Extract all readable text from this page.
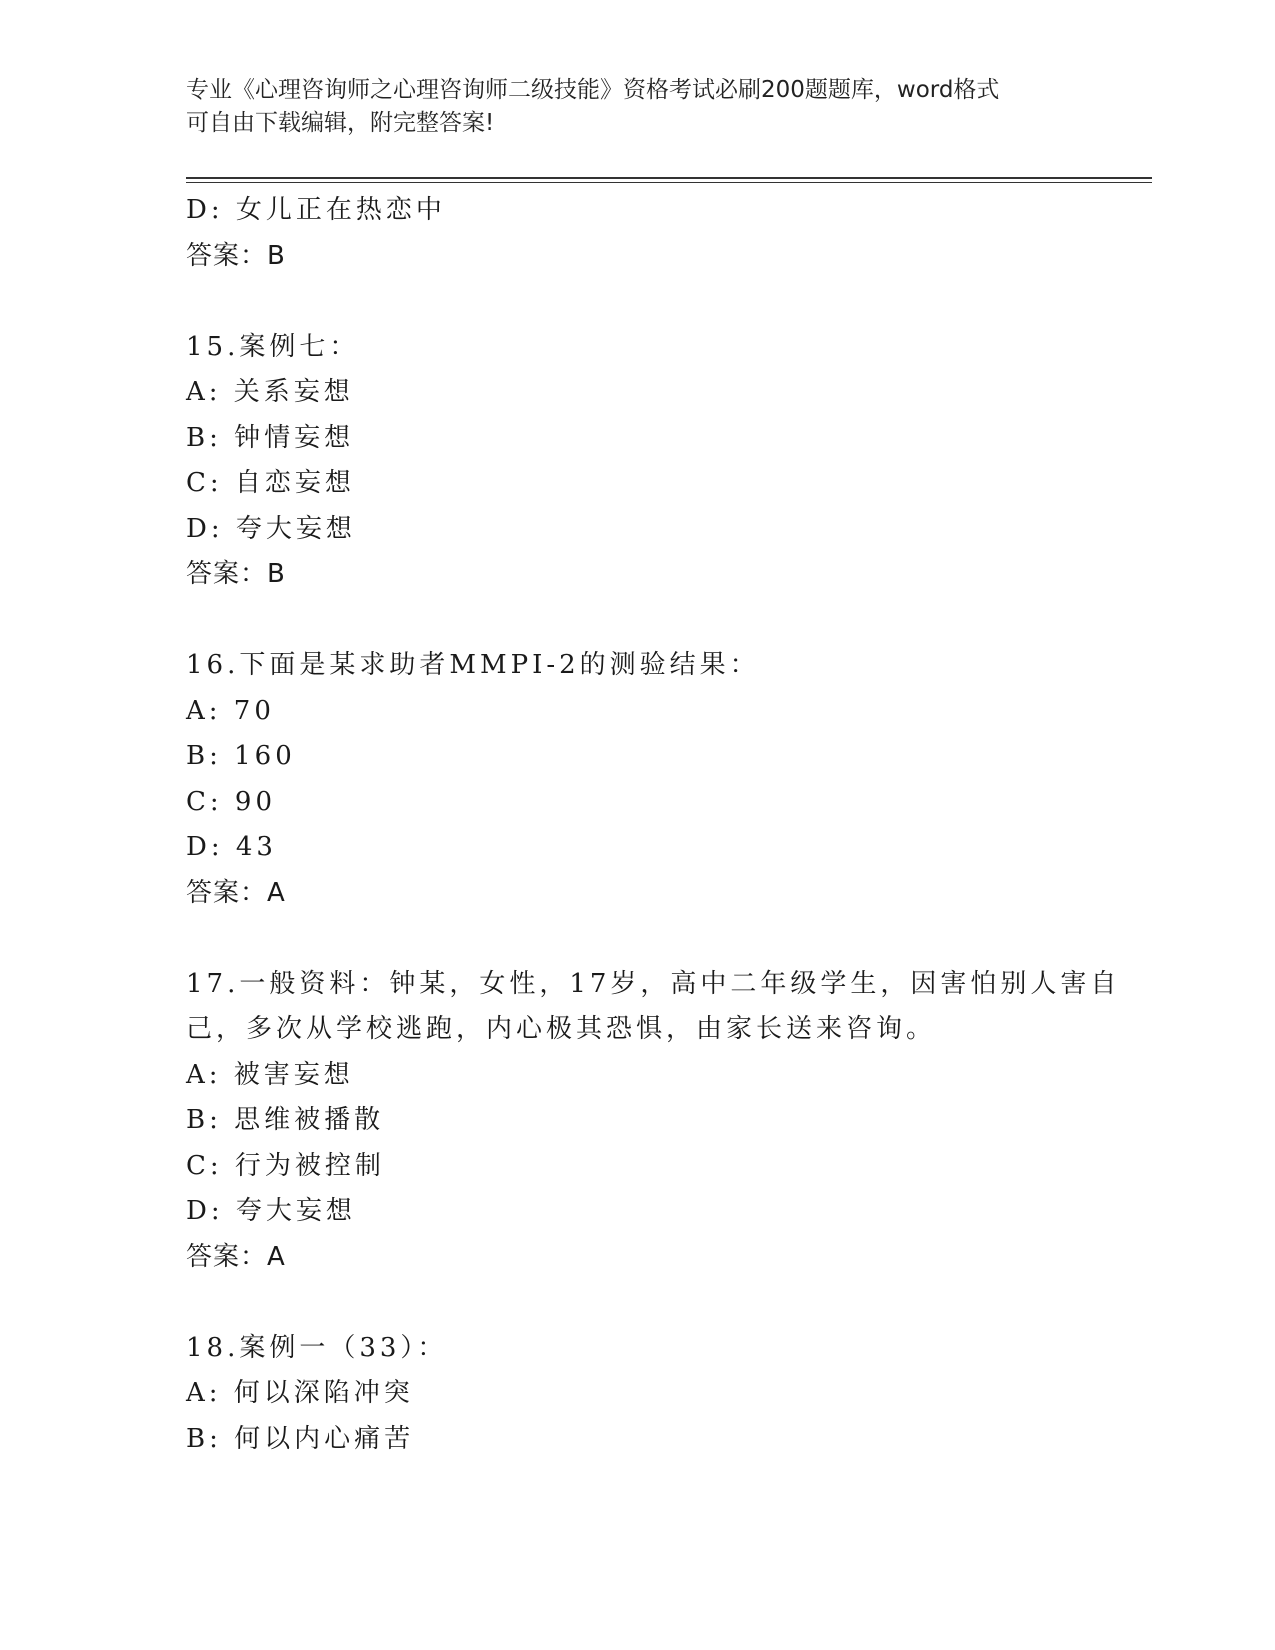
专业《心理咨询师之心理咨询师二级技能》资格考试必刷200题题库，word格式
可自由下载编辑，附完整答案!
D: 女儿正在热恋中
答案：B
15.案例七：
A: 关系妄想
B: 钟情妄想
C: 自恋妄想
D: 夸大妄想
答案：B
16.下面是某求助者MMPI-2的测验结果：
A: 70
B: 160
C: 90
D: 43
答案：A
17.一般资料：钟某，女性，17岁，高中二年级学生，因害怕别人害自
己，多次从学校逃跑，内心极其恐惧，由家长送来咨询。
A: 被害妄想
B: 思维被播散
C: 行为被控制
D: 夸大妄想
答案：A
18.案例一（33）：
A: 何以深陷冲突
B: 何以内心痛苦
